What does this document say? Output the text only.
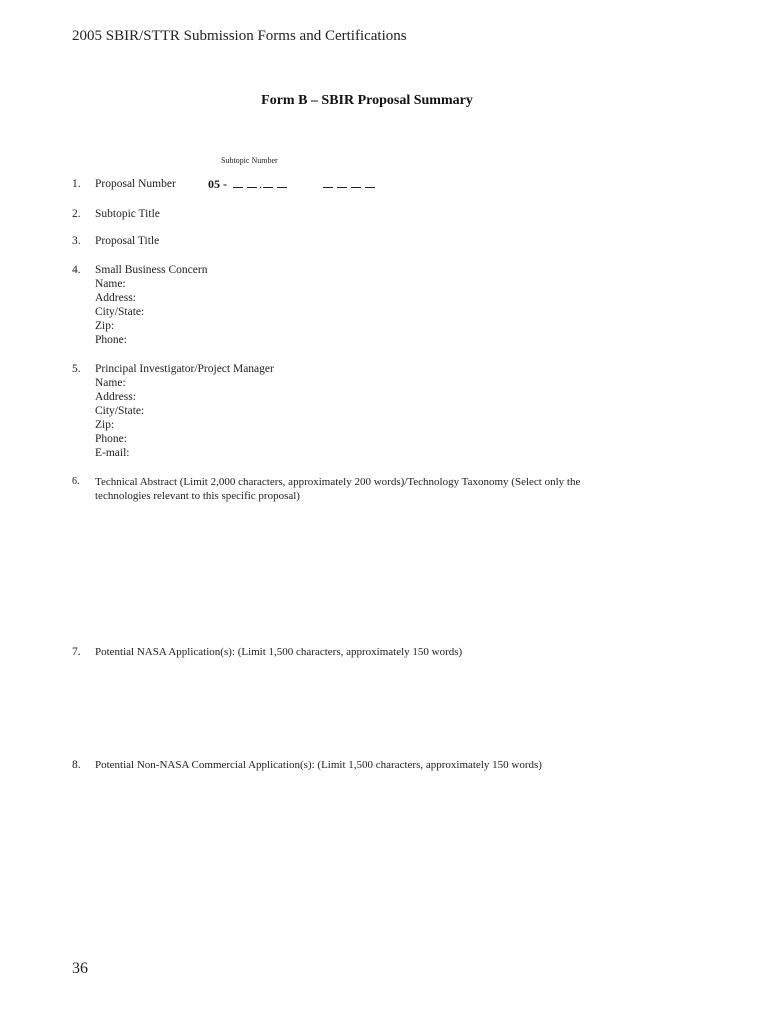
2005 SBIR/STTR Submission Forms and Certifications
Form B – SBIR Proposal Summary
Subtopic Number
1.	Proposal Number	05 -	.
2.	Subtopic Title
3.	Proposal Title
4.	Small Business Concern
Name:
Address:
City/State:
Zip:
Phone:
5.	Principal Investigator/Project Manager
Name:
Address:
City/State:
Zip:
Phone:
E-mail:
6.	Technical Abstract (Limit 2,000 characters, approximately 200 words)/Technology Taxonomy (Select only the technologies relevant to this specific proposal)
7.	Potential NASA Application(s): (Limit 1,500 characters, approximately 150 words)
8.	Potential Non-NASA Commercial Application(s): (Limit 1,500 characters, approximately 150 words)
36
